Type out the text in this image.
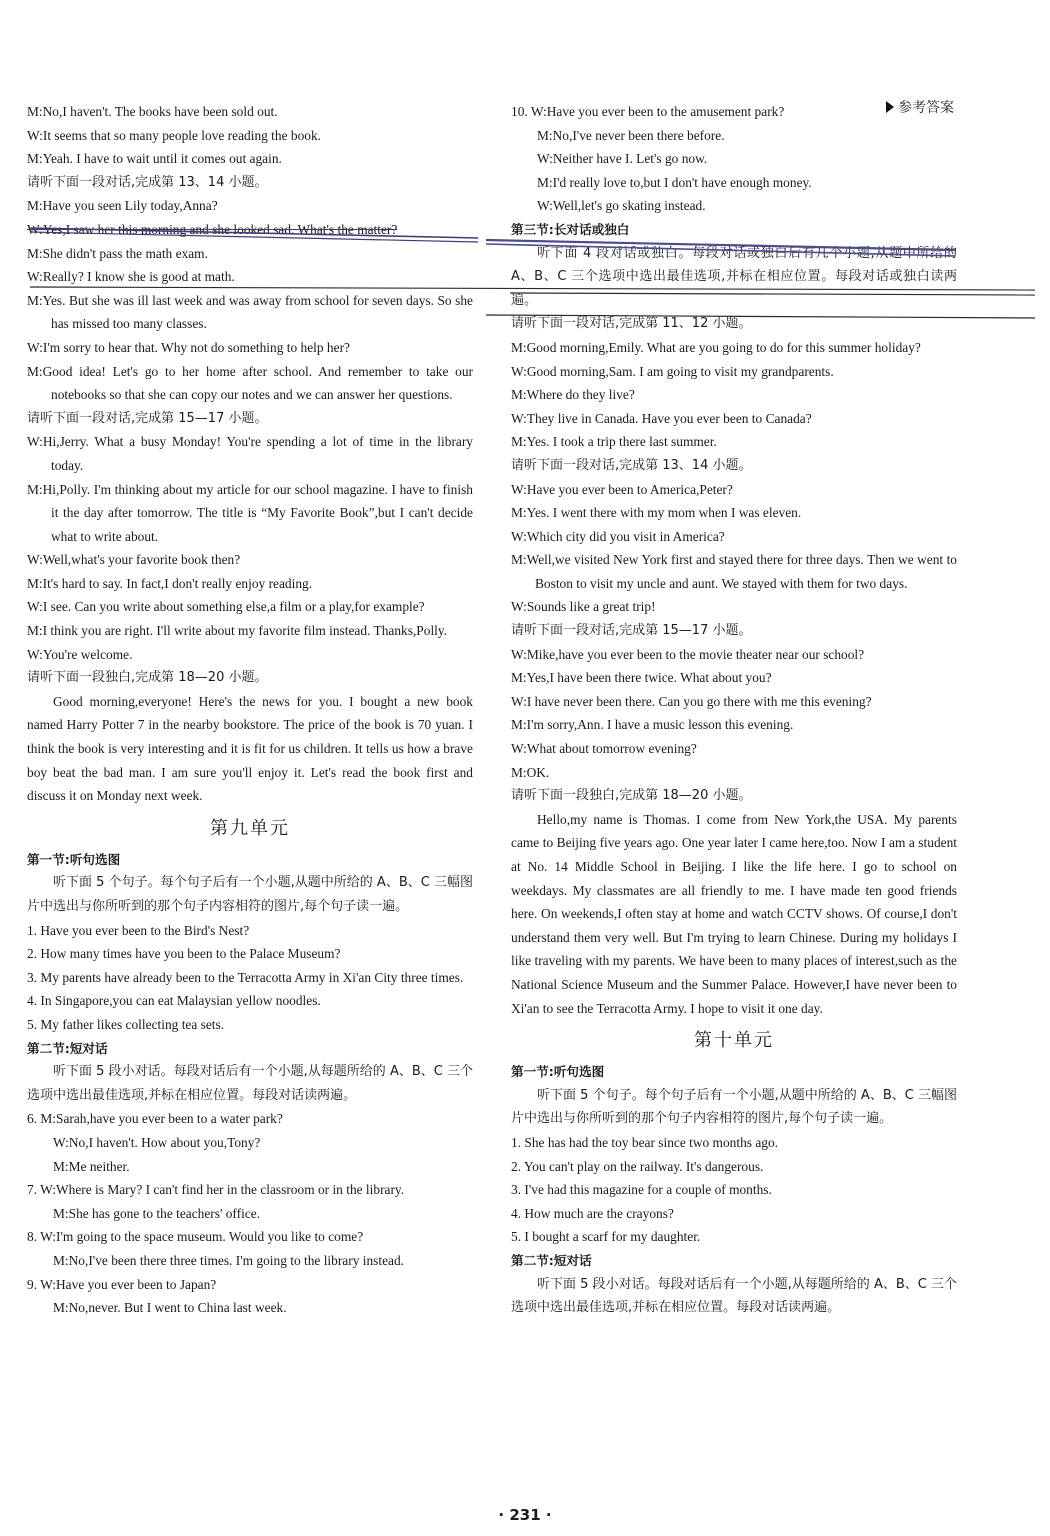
参考答案

M:No,I haven't. The books have been sold out.

W:It seems that so many people love reading the book.

M:Yeah. I have to wait until it comes out again.

请听下面一段对话,完成第 13、14 小题。

M:Have you seen Lily today,Anna?

W:Yes,I saw her this morning and she looked sad. What's the matter?

M:She didn't pass the math exam.

W:Really? I know she is good at math.

M:Yes. But she was ill last week and was away from school for seven days. So she has missed too many classes.

W:I'm sorry to hear that. Why not do something to help her?

M:Good idea! Let's go to her home after school. And remember to take our notebooks so that she can copy our notes and we can answer her questions.

请听下面一段对话,完成第 15—17 小题。

W:Hi,Jerry. What a busy Monday! You're spending a lot of time in the library today.

M:Hi,Polly. I'm thinking about my article for our school magazine. I have to finish it the day after tomorrow. The title is “My Favorite Book”,but I can't decide what to write about.

W:Well,what's your favorite book then?

M:It's hard to say. In fact,I don't really enjoy reading.

W:I see. Can you write about something else,a film or a play,for example?

M:I think you are right. I'll write about my favorite film instead. Thanks,Polly.

W:You're welcome.

请听下面一段独白,完成第 18—20 小题。

Good morning,everyone! Here's the news for you. I bought a new book named Harry Potter 7 in the nearby bookstore. The price of the book is 70 yuan. I think the book is very interesting and it is fit for us children. It tells us how a brave boy beat the bad man. I am sure you'll enjoy it. Let's read the book first and discuss it on Monday next week.

第九单元

第一节:听句选图

听下面 5 个句子。每个句子后有一个小题,从题中所给的 A、B、C 三幅图片中选出与你所听到的那个句子内容相符的图片,每个句子读一遍。

1. Have you ever been to the Bird's Nest?

2. How many times have you been to the Palace Museum?

3. My parents have already been to the Terracotta Army in Xi'an City three times.

4. In Singapore,you can eat Malaysian yellow noodles.

5. My father likes collecting tea sets.

第二节:短对话

听下面 5 段小对话。每段对话后有一个小题,从每题所给的 A、B、C 三个选项中选出最佳选项,并标在相应位置。每段对话读两遍。

6. M:Sarah,have you ever been to a water park?

W:No,I haven't. How about you,Tony?

M:Me neither.

7. W:Where is Mary? I can't find her in the classroom or in the library.

M:She has gone to the teachers' office.

8. W:I'm going to the space museum. Would you like to come?

M:No,I've been there three times. I'm going to the library instead.

9. W:Have you ever been to Japan?

M:No,never. But I went to China last week.

10. W:Have you ever been to the amusement park?

M:No,I've never been there before.

W:Neither have I. Let's go now.

M:I'd really love to,but I don't have enough money.

W:Well,let's go skating instead.

第三节:长对话或独白

听下面 4 段对话或独白。每段对话或独白后有几个小题,从题中所给的 A、B、C 三个选项中选出最佳选项,并标在相应位置。每段对话或独白读两遍。

请听下面一段对话,完成第 11、12 小题。

M:Good morning,Emily. What are you going to do for this summer holiday?

W:Good morning,Sam. I am going to visit my grandparents.

M:Where do they live?

W:They live in Canada. Have you ever been to Canada?

M:Yes. I took a trip there last summer.

请听下面一段对话,完成第 13、14 小题。

W:Have you ever been to America,Peter?

M:Yes. I went there with my mom when I was eleven.

W:Which city did you visit in America?

M:Well,we visited New York first and stayed there for three days. Then we went to Boston to visit my uncle and aunt. We stayed with them for two days.

W:Sounds like a great trip!

请听下面一段对话,完成第 15—17 小题。

W:Mike,have you ever been to the movie theater near our school?

M:Yes,I have been there twice. What about you?

W:I have never been there. Can you go there with me this evening?

M:I'm sorry,Ann. I have a music lesson this evening.

W:What about tomorrow evening?

M:OK.

请听下面一段独白,完成第 18—20 小题。

Hello,my name is Thomas. I come from New York,the USA. My parents came to Beijing five years ago. One year later I came here,too. Now I am a student at No. 14 Middle School in Beijing. I like the life here. I go to school on weekdays. My classmates are all friendly to me. I have made ten good friends here. On weekends,I often stay at home and watch CCTV shows. Of course,I don't understand them very well. But I'm trying to learn Chinese. During my holidays I like traveling with my parents. We have been to many places of interest,such as the National Science Museum and the Summer Palace. However,I have never been to Xi'an to see the Terracotta Army. I hope to visit it one day.

第十单元

第一节:听句选图

听下面 5 个句子。每个句子后有一个小题,从题中所给的 A、B、C 三幅图片中选出与你所听到的那个句子内容相符的图片,每个句子读一遍。

1. She has had the toy bear since two months ago.

2. You can't play on the railway. It's dangerous.

3. I've had this magazine for a couple of months.

4. How much are the crayons?

5. I bought a scarf for my daughter.

第二节:短对话

听下面 5 段小对话。每段对话后有一个小题,从每题所给的 A、B、C 三个选项中选出最佳选项,并标在相应位置。每段对话读两遍。

· 231 ·
